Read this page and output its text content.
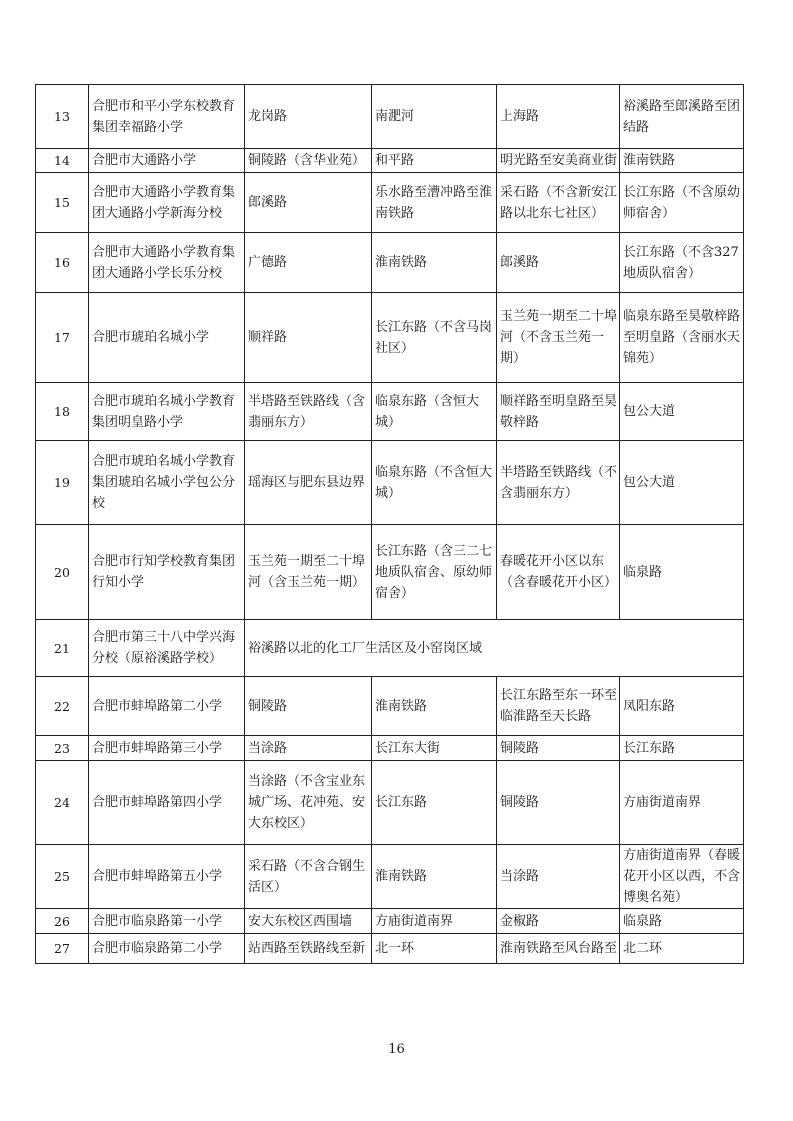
13	合肥市和平小学东校教育集团幸福路小学	龙岗路	南淝河	上海路	裕溪路至郎溪路至团结路
14	合肥市大通路小学	铜陵路（含华业苑）	和平路	明光路至安美商业街	淮南铁路
15	合肥市大通路小学教育集团大通路小学新海分校	郎溪路	乐水路至漕冲路至淮南铁路	采石路（不含新安江路以北东七社区）	长江东路（不含原幼师宿舍）
16	合肥市大通路小学教育集团大通路小学长乐分校	广德路	淮南铁路	郎溪路	长江东路（不含327地质队宿舍）
17	合肥市琥珀名城小学	顺祥路	长江东路（不含马岗社区）	玉兰苑一期至二十埠河（不含玉兰苑一期）	临泉东路至昊敬梓路至明皇路（含丽水天锦苑）
18	合肥市琥珀名城小学教育集团明皇路小学	半塔路至铁路线（含翡丽东方）	临泉东路（含恒大城）	顺祥路至明皇路至昊敬梓路	包公大道
19	合肥市琥珀名城小学教育集团琥珀名城小学包公分校	瑶海区与肥东县边界	临泉东路（不含恒大城）	半塔路至铁路线（不含翡丽东方）	包公大道
20	合肥市行知学校教育集团行知小学	玉兰苑一期至二十埠河（含玉兰苑一期）	长江东路（含三二七地质队宿舍、原幼师宿舍）	春暖花开小区以东（含春暖花开小区）	临泉路
21	合肥市第三十八中学兴海分校（原裕溪路学校）	裕溪路以北的化工厂生活区及小窑岗区域			
22	合肥市蚌埠路第二小学	铜陵路	淮南铁路	长江东路至东一环至临淮路至天长路	凤阳东路
23	合肥市蚌埠路第三小学	当涂路	长江东大街	铜陵路	长江东路
24	合肥市蚌埠路第四小学	当涂路（不含宝业东城广场、花冲苑、安大东校区）	长江东路	铜陵路	方庙街道南界
25	合肥市蚌埠路第五小学	采石路（不含合钢生活区）	淮南铁路	当涂路	方庙街道南界（春暖花开小区以西，不含博奥名苑）
26	合肥市临泉路第一小学	安大东校区西围墙	方庙街道南界	金椒路	临泉路
27	合肥市临泉路第二小学	站西路至铁路线至新	北一环	淮南铁路至风台路至	北二环
16
